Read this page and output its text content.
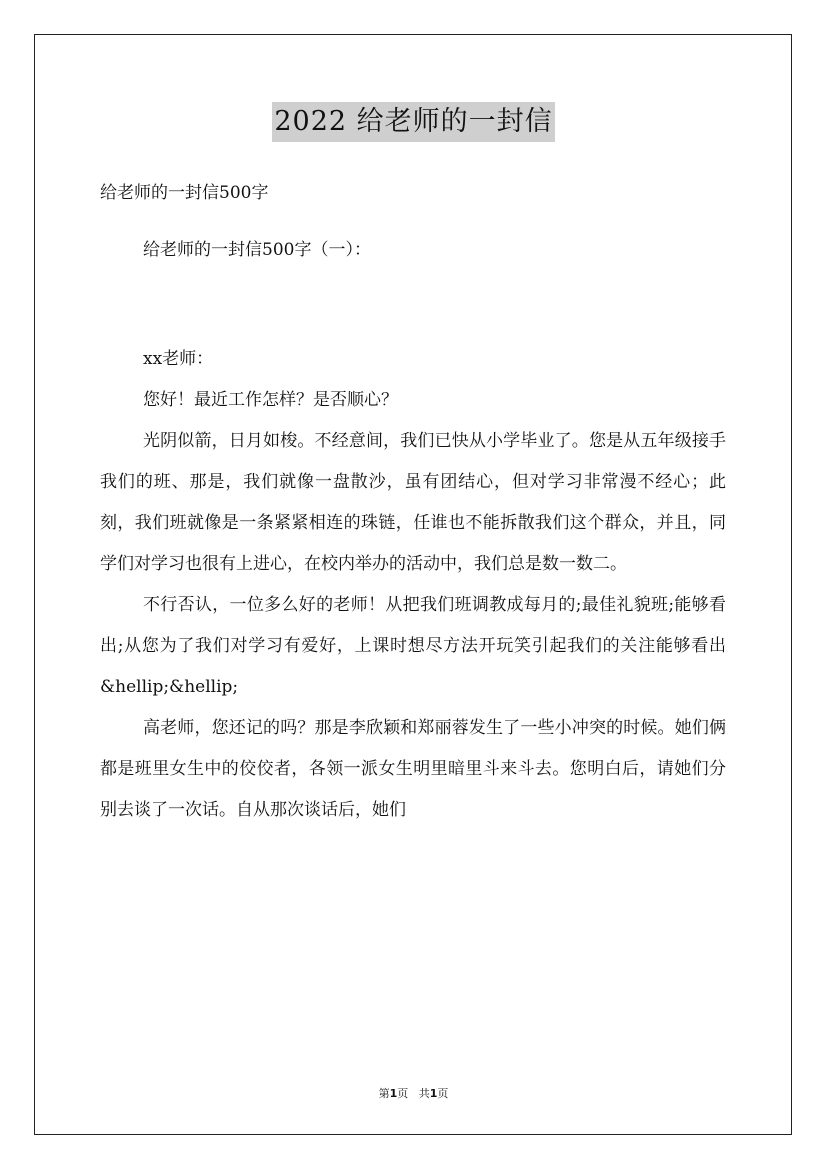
2022 给老师的一封信
给老师的一封信500字

给老师的一封信500字（一）：

xx老师：

您好！最近工作怎样？是否顺心？

光阴似箭，日月如梭。不经意间，我们已快从小学毕业了。您是从五年级接手我们的班、那是，我们就像一盘散沙，虽有团结心，但对学习非常漫不经心；此刻，我们班就像是一条紧紧相连的珠链，任谁也不能拆散我们这个群众，并且，同学们对学习也很有上进心，在校内举办的活动中，我们总是数一数二。

不行否认，一位多么好的老师！从把我们班调教成每月的;最佳礼貌班;能够看出;从您为了我们对学习有爱好，上课时想尽方法开玩笑引起我们的关注能够看出&hellip;&hellip;

高老师，您还记的吗？那是李欣颖和郑丽蓉发生了一些小冲突的时候。她们俩都是班里女生中的佼佼者，各领一派女生明里暗里斗来斗去。您明白后，请她们分别去谈了一次话。自从那次谈话后，她们

第1页 共1页
